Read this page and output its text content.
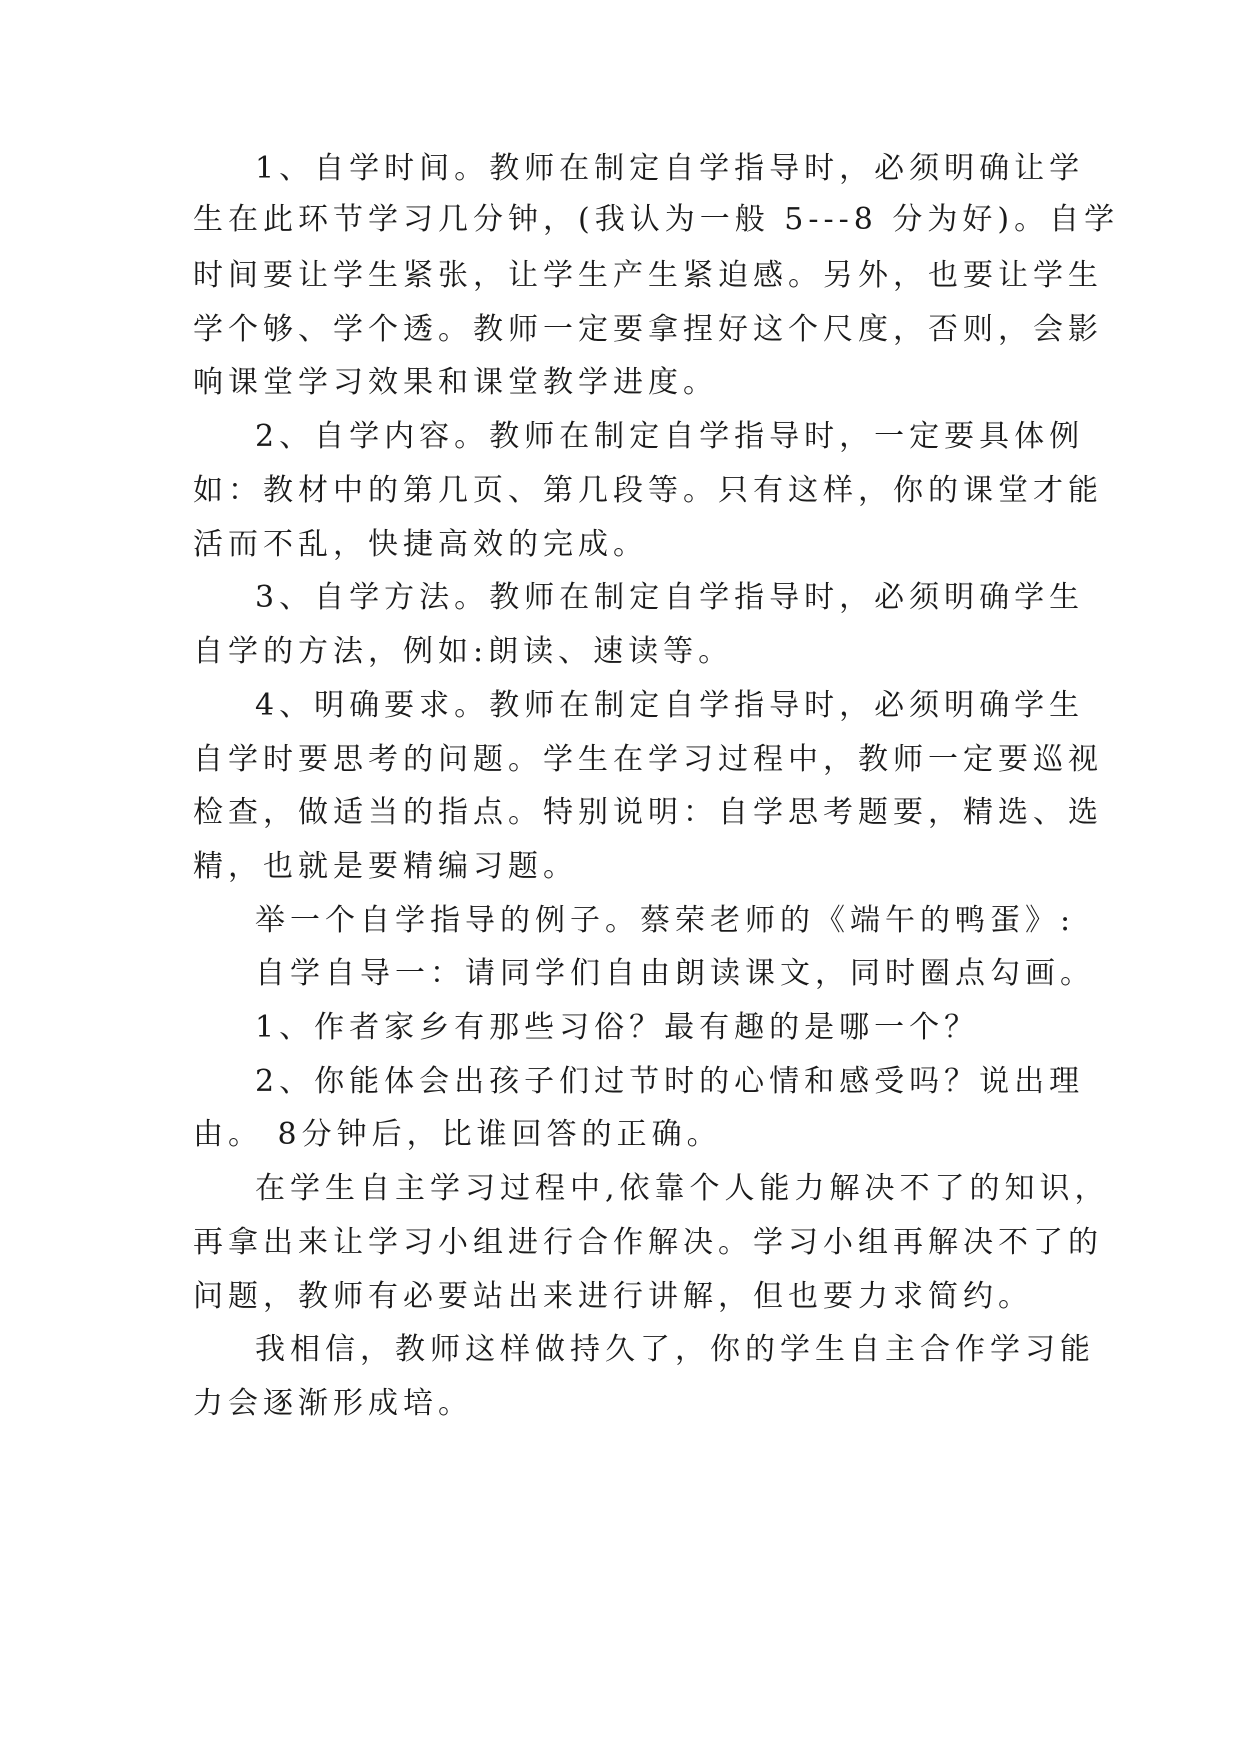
1、自学时间。教师在制定自学指导时，必须明确让学
生在此环节学习几分钟，(我认为一般 5---8 分为好)。自学
时间要让学生紧张，让学生产生紧迫感。另外，也要让学生
学个够、学个透。教师一定要拿捏好这个尺度，否则，会影
响课堂学习效果和课堂教学进度。
2、自学内容。教师在制定自学指导时，一定要具体例
如：教材中的第几页、第几段等。只有这样，你的课堂才能
活而不乱，快捷高效的完成。
3、自学方法。教师在制定自学指导时，必须明确学生
自学的方法，例如:朗读、速读等。
4、明确要求。教师在制定自学指导时，必须明确学生
自学时要思考的问题。学生在学习过程中，教师一定要巡视
检查，做适当的指点。特别说明：自学思考题要，精选、选
精，也就是要精编习题。
举一个自学指导的例子。蔡荣老师的《端午的鸭蛋》:
自学自导一：请同学们自由朗读课文，同时圈点勾画。
1、作者家乡有那些习俗？最有趣的是哪一个？
2、你能体会出孩子们过节时的心情和感受吗？说出理
由。 8分钟后，比谁回答的正确。
在学生自主学习过程中,依靠个人能力解决不了的知识，
再拿出来让学习小组进行合作解决。学习小组再解决不了的
问题，教师有必要站出来进行讲解，但也要力求简约。
我相信，教师这样做持久了，你的学生自主合作学习能
力会逐渐形成培。
